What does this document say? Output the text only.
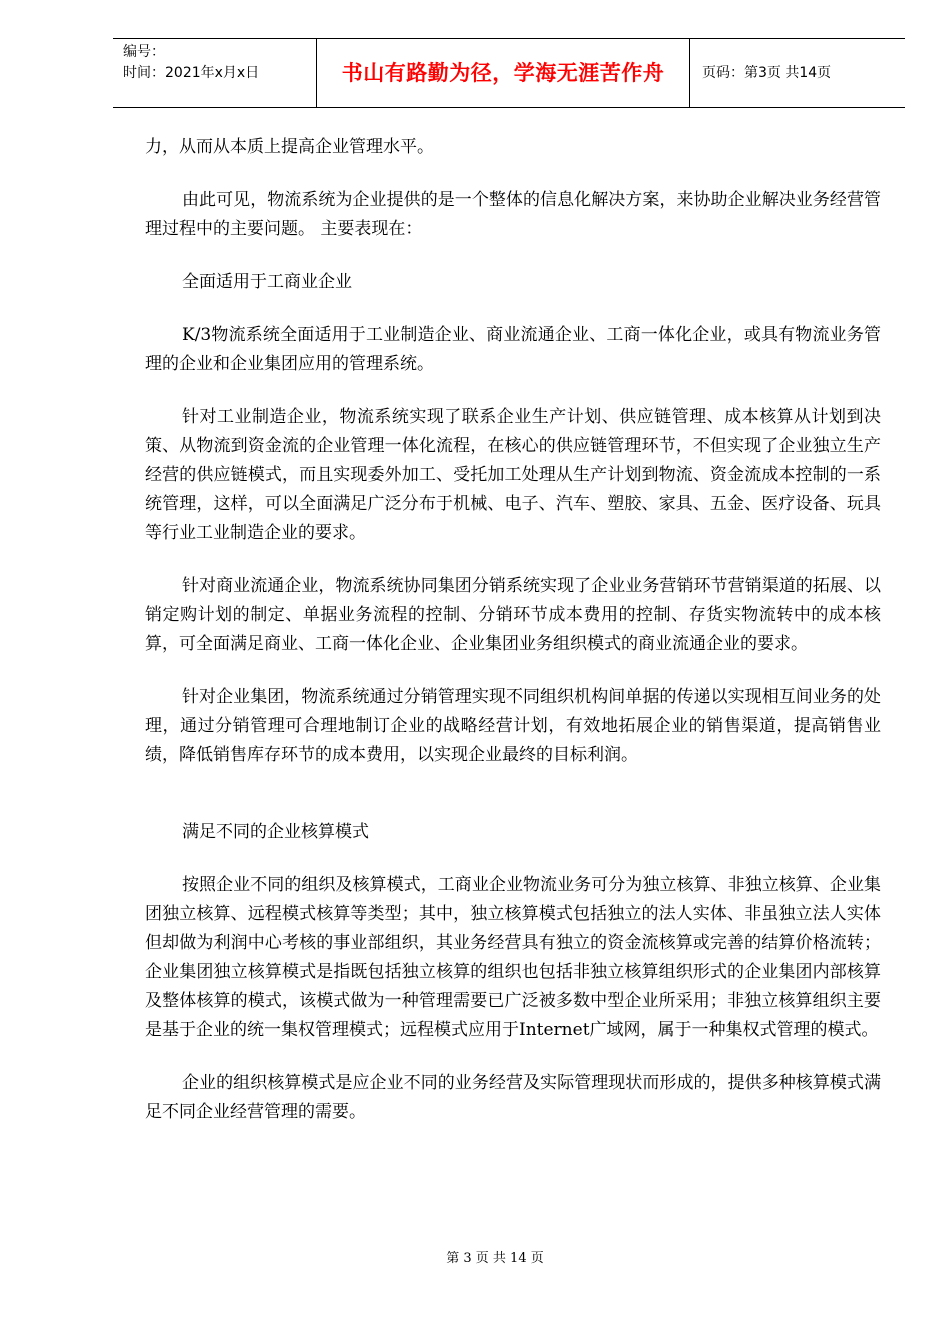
编号：
时间：2021年x月x日	书山有路勤为径，学海无涯苦作舟	页码：第3页 共14页

力，从而从本质上提高企业管理水平。

由此可见，物流系统为企业提供的是一个整体的信息化解决方案，来协助企业解决业务经营管理过程中的主要问题。 主要表现在：

全面适用于工商业企业

K/3物流系统全面适用于工业制造企业、商业流通企业、工商一体化企业，或具有物流业务管理的企业和企业集团应用的管理系统。

针对工业制造企业，物流系统实现了联系企业生产计划、供应链管理、成本核算从计划到决策、从物流到资金流的企业管理一体化流程，在核心的供应链管理环节，不但实现了企业独立生产经营的供应链模式，而且实现委外加工、受托加工处理从生产计划到物流、资金流成本控制的一系统管理，这样，可以全面满足广泛分布于机械、电子、汽车、塑胶、家具、五金、医疗设备、玩具等行业工业制造企业的要求。

针对商业流通企业，物流系统协同集团分销系统实现了企业业务营销环节营销渠道的拓展、以销定购计划的制定、单据业务流程的控制、分销环节成本费用的控制、存货实物流转中的成本核算，可全面满足商业、工商一体化企业、企业集团业务组织模式的商业流通企业的要求。

针对企业集团，物流系统通过分销管理实现不同组织机构间单据的传递以实现相互间业务的处理，通过分销管理可合理地制订企业的战略经营计划，有效地拓展企业的销售渠道，提高销售业绩，降低销售库存环节的成本费用，以实现企业最终的目标利润。

满足不同的企业核算模式

按照企业不同的组织及核算模式，工商业企业物流业务可分为独立核算、非独立核算、企业集团独立核算、远程模式核算等类型；其中，独立核算模式包括独立的法人实体、非虽独立法人实体但却做为利润中心考核的事业部组织，其业务经营具有独立的资金流核算或完善的结算价格流转；企业集团独立核算模式是指既包括独立核算的组织也包括非独立核算组织形式的企业集团内部核算及整体核算的模式，该模式做为一种管理需要已广泛被多数中型企业所采用；非独立核算组织主要是基于企业的统一集权管理模式；远程模式应用于Internet广域网，属于一种集权式管理的模式。

企业的组织核算模式是应企业不同的业务经营及实际管理现状而形成的，提供多种核算模式满足不同企业经营管理的需要。

第 3 页 共 14 页
